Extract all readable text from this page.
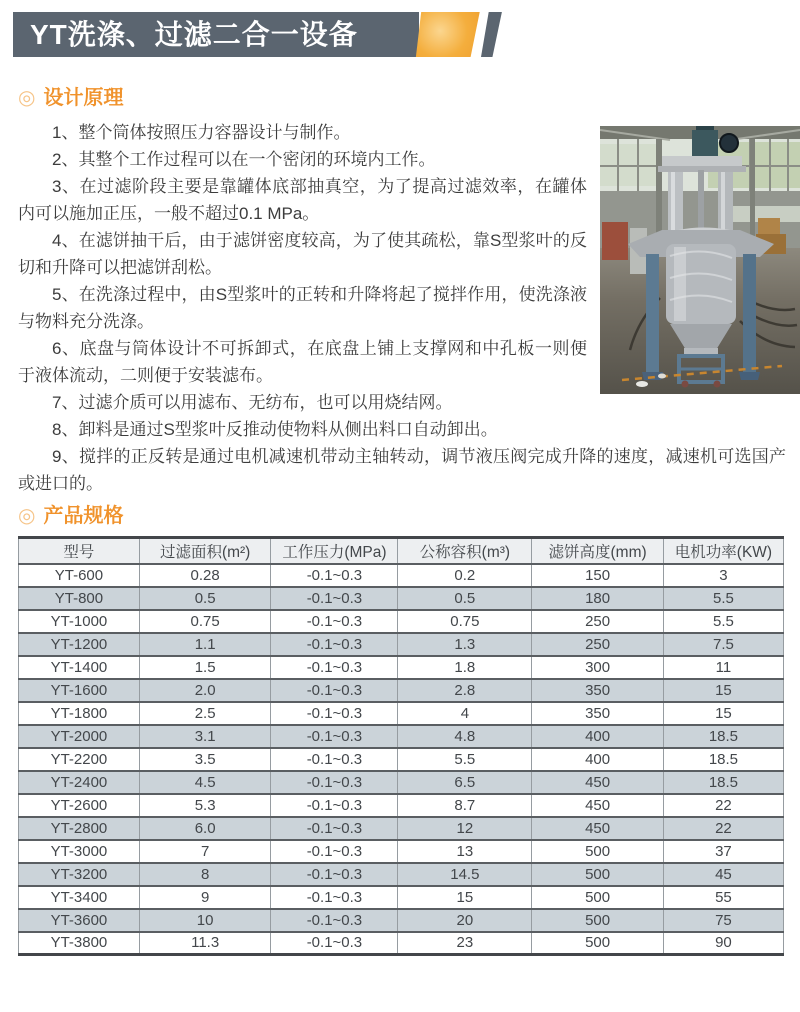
YT洗涤、过滤二合一设备
◎ 设计原理

1、整个筒体按照压力容器设计与制作。

2、其整个工作过程可以在一个密闭的环境内工作。

3、在过滤阶段主要是靠罐体底部抽真空，为了提高过滤效率，在罐体内可以施加正压，一般不超过0.1 MPa。

4、在滤饼抽干后，由于滤饼密度较高，为了使其疏松，靠S型浆叶的反切和升降可以把滤饼刮松。

5、在洗涤过程中，由S型浆叶的正转和升降将起了搅拌作用，使洗涤液与物料充分洗涤。

6、底盘与筒体设计不可拆卸式，在底盘上铺上支撑网和中孔板一则便于液体流动，二则便于安装滤布。

7、过滤介质可以用滤布、无纺布，也可以用烧结网。

8、卸料是通过S型浆叶反推动使物料从侧出料口自动卸出。

9、搅拌的正反转是通过电机减速机带动主轴转动，调节液压阀完成升降的速度，减速机可选国产或进口的。

◎ 产品规格
型号	过滤面积(m²)	工作压力(MPa)	公称容积(m³)	滤饼高度(mm)	电机功率(KW)
YT-600	0.28	-0.1~0.3	0.2	150	3
YT-800	0.5	-0.1~0.3	0.5	180	5.5
YT-1000	0.75	-0.1~0.3	0.75	250	5.5
YT-1200	1.1	-0.1~0.3	1.3	250	7.5
YT-1400	1.5	-0.1~0.3	1.8	300	11
YT-1600	2.0	-0.1~0.3	2.8	350	15
YT-1800	2.5	-0.1~0.3	4	350	15
YT-2000	3.1	-0.1~0.3	4.8	400	18.5
YT-2200	3.5	-0.1~0.3	5.5	400	18.5
YT-2400	4.5	-0.1~0.3	6.5	450	18.5
YT-2600	5.3	-0.1~0.3	8.7	450	22
YT-2800	6.0	-0.1~0.3	12	450	22
YT-3000	7	-0.1~0.3	13	500	37
YT-3200	8	-0.1~0.3	14.5	500	45
YT-3400	9	-0.1~0.3	15	500	55
YT-3600	10	-0.1~0.3	20	500	75
YT-3800	11.3	-0.1~0.3	23	500	90
